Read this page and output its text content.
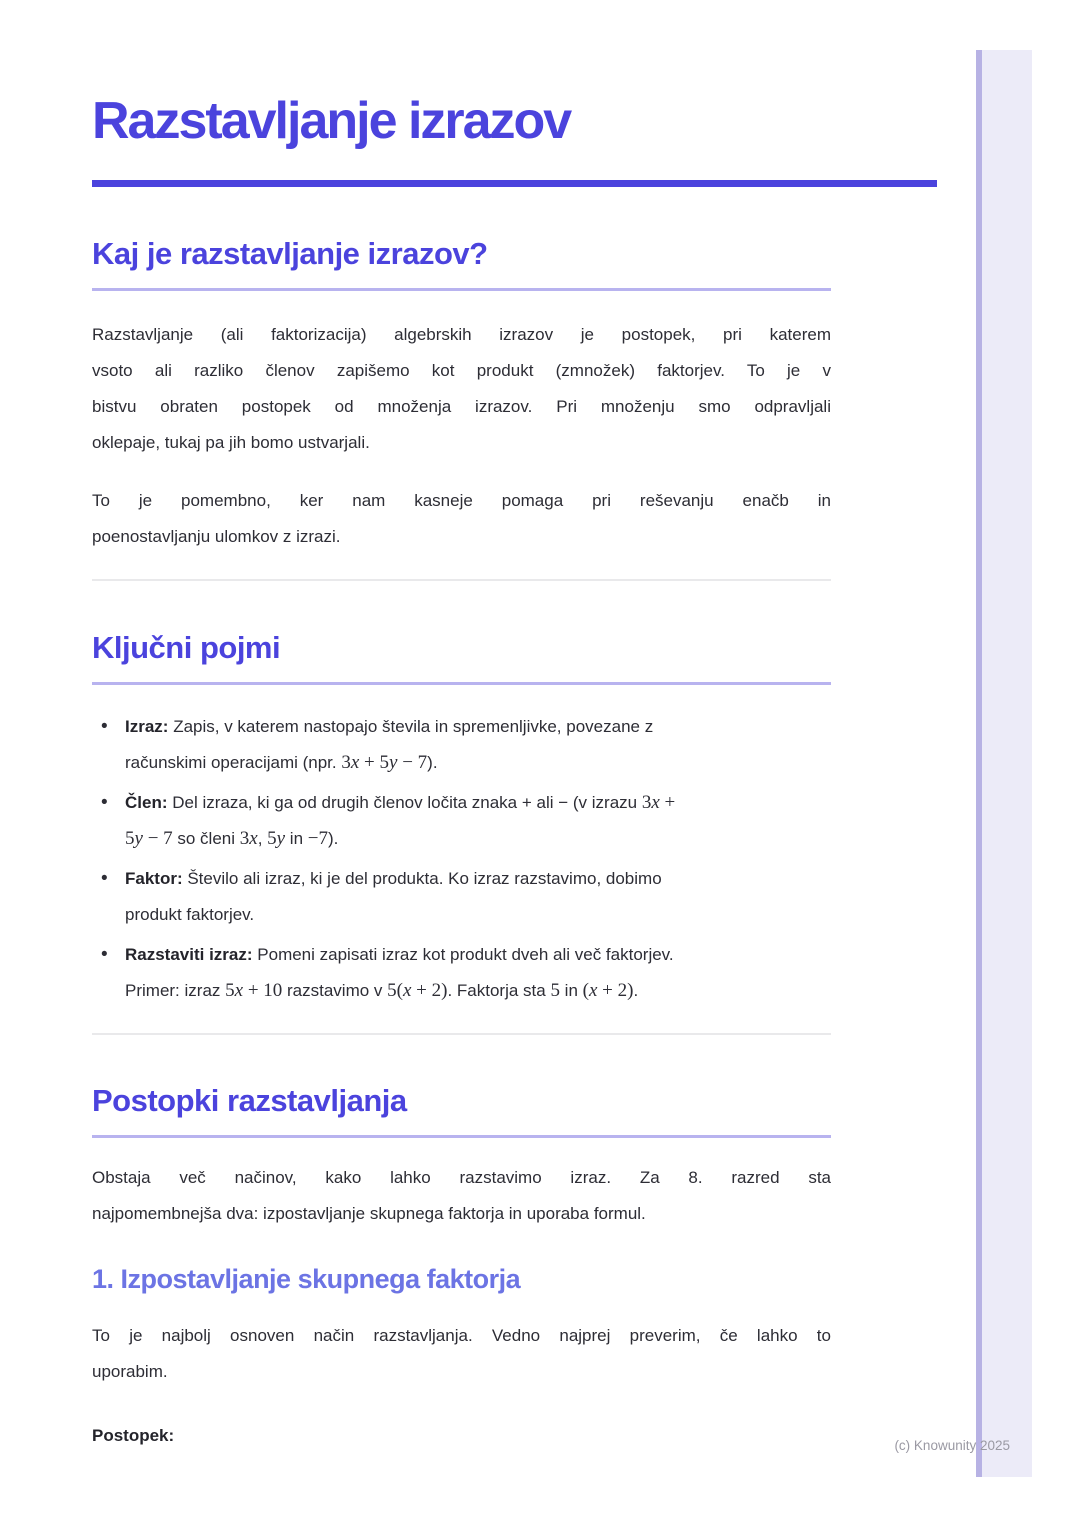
Razstavljanje izrazov
Kaj je razstavljanje izrazov?
Razstavljanje (ali faktorizacija) algebrskih izrazov je postopek, pri katerem
vsoto ali razliko členov zapišemo kot produkt (zmnožek) faktorjev. To je v
bistvu obraten postopek od množenja izrazov. Pri množenju smo odpravljali
oklepaje, tukaj pa jih bomo ustvarjali.
To je pomembno, ker nam kasneje pomaga pri reševanju enačb in
poenostavljanju ulomkov z izrazi.
Ključni pojmi
• Izraz: Zapis, v katerem nastopajo števila in spremenljivke, povezane z
računskimi operacijami (npr. 3x + 5y − 7).
• Člen: Del izraza, ki ga od drugih členov ločita znaka + ali − (v izrazu 3x +
5y − 7 so členi 3x, 5y in −7).
• Faktor: Število ali izraz, ki je del produkta. Ko izraz razstavimo, dobimo
produkt faktorjev.
• Razstaviti izraz: Pomeni zapisati izraz kot produkt dveh ali več faktorjev.
Primer: izraz 5x + 10 razstavimo v 5(x + 2). Faktorja sta 5 in (x + 2).
Postopki razstavljanja
Obstaja več načinov, kako lahko razstavimo izraz. Za 8. razred sta
najpomembnejša dva: izpostavljanje skupnega faktorja in uporaba formul.
1. Izpostavljanje skupnega faktorja
To je najbolj osnoven način razstavljanja. Vedno najprej preverim, če lahko to
uporabim.

Postopek:

(c) Knowunity 2025
